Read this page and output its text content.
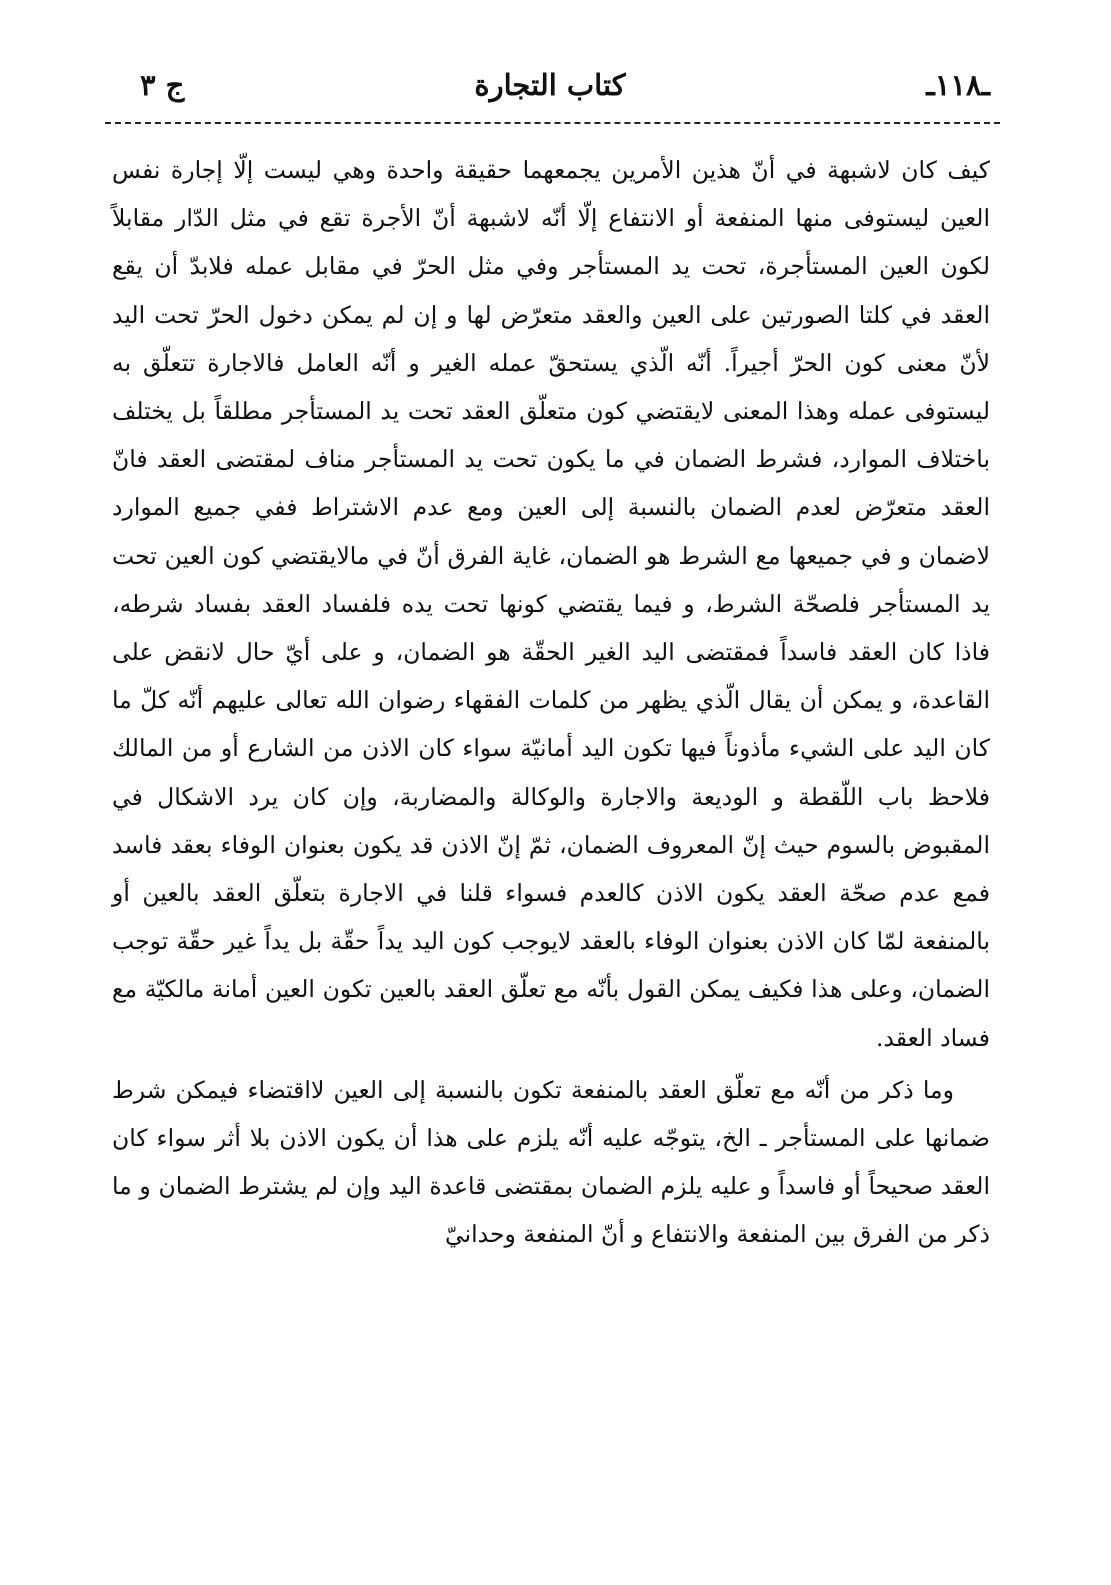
ج ٣	كتاب التجارة	ـ١١٨ـ

كيف كان لاشبهة في أنّ هذين الأمرين يجمعهما حقيقة واحدة وهي ليست إلّا إجارة نفس العين ليستوفى منها المنفعة أو الانتفاع إلّا أنّه لاشبهة أنّ الأجرة تقع في مثل الدّار مقابلاً لكون العين المستأجرة، تحت يد المستأجر وفي مثل الحرّ في مقابل عمله فلابدّ أن يقع العقد في كلتا الصورتين على العين والعقد متعرّض لها و إن لم يمكن دخول الحرّ تحت اليد لأنّ معنى كون الحرّ أجيراً. أنّه الّذي يستحقّ عمله الغير و أنّه العامل فالاجارة تتعلّق به ليستوفى عمله وهذا المعنى لايقتضي كون متعلّق العقد تحت يد المستأجر مطلقاً بل يختلف باختلاف الموارد، فشرط الضمان في ما يكون تحت يد المستأجر مناف لمقتضى العقد فانّ العقد متعرّض لعدم الضمان بالنسبة إلى العين ومع عدم الاشتراط ففي جميع الموارد لاضمان و في جميعها مع الشرط هو الضمان، غاية الفرق أنّ في مالايقتضي كون العين تحت يد المستأجر فلصحّة الشرط، و فيما يقتضي كونها تحت يده فلفساد العقد بفساد شرطه، فاذا كان العقد فاسداً فمقتضى اليد الغير الحقّة هو الضمان، و على أيّ حال لانقض على القاعدة، و يمكن أن يقال الّذي يظهر من كلمات الفقهاء رضوان الله تعالى عليهم أنّه كلّ ما كان اليد على الشيء مأذوناً فيها تكون اليد أمانيّة سواء كان الاذن من الشارع أو من المالك فلاحظ باب اللّقطة و الوديعة والاجارة والوكالة والمضاربة، وإن كان يرد الاشكال في المقبوض بالسوم حيث إنّ المعروف الضمان، ثمّ إنّ الاذن قد يكون بعنوان الوفاء بعقد فاسد فمع عدم صحّة العقد يكون الاذن كالعدم فسواء قلنا في الاجارة بتعلّق العقد بالعين أو بالمنفعة لمّا كان الاذن بعنوان الوفاء بالعقد لايوجب كون اليد يداً حقّة بل يداً غير حقّة توجب الضمان، وعلى هذا فكيف يمكن القول بأنّه مع تعلّق العقد بالعين تكون العين أمانة مالكيّة مع فساد العقد.

وما ذكر من أنّه مع تعلّق العقد بالمنفعة تكون بالنسبة إلى العين لااقتضاء فيمكن شرط ضمانها على المستأجر ـ الخ، يتوجّه عليه أنّه يلزم على هذا أن يكون الاذن بلا أثر سواء كان العقد صحيحاً أو فاسداً و عليه يلزم الضمان بمقتضى قاعدة اليد وإن لم يشترط الضمان و ما ذكر من الفرق بين المنفعة والانتفاع و أنّ المنفعة وحدانيّ
